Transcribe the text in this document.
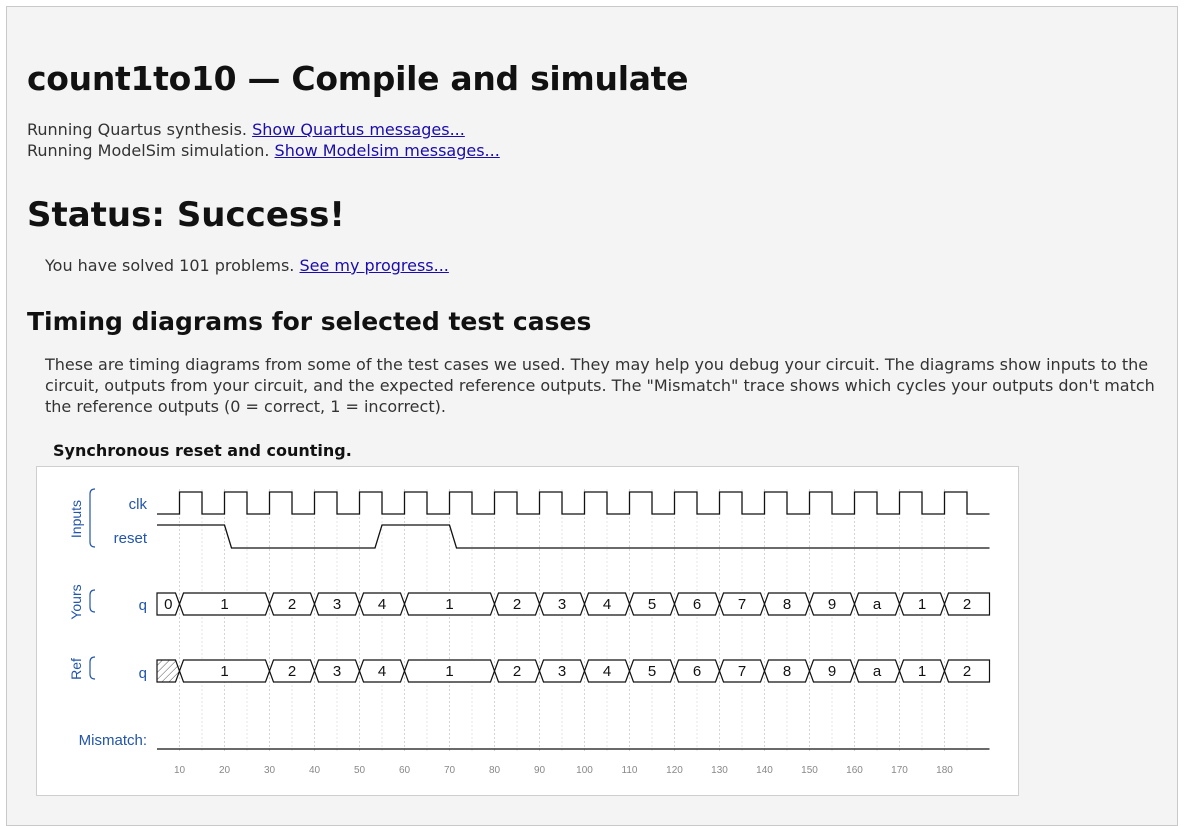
count1to10 — Compile and simulate
Running Quartus synthesis. Show Quartus messages...
Running ModelSim simulation. Show Modelsim messages...
Status: Success!
You have solved 101 problems. See my progress...
Timing diagrams for selected test cases
These are timing diagrams from some of the test cases we used. They may help you debug your circuit. The diagrams show inputs to the circuit, outputs from your circuit, and the expected reference outputs. The "Mismatch" trace shows which cycles your outputs don't match the reference outputs (0 = correct, 1 = incorrect).
Synchronous reset and counting.
Inputs
Yours
Ref
clk
reset
q
q
Mismatch:
0	1	2 3 4	1	2 3 4 5 6 7 8 9 a 1 2
1	2 3 4	1	2 3 4 5 6 7 8 9 a 1 2
10	20	30	40	50	60	70	80	90	100	110	120	130	140	150	160	170	180
